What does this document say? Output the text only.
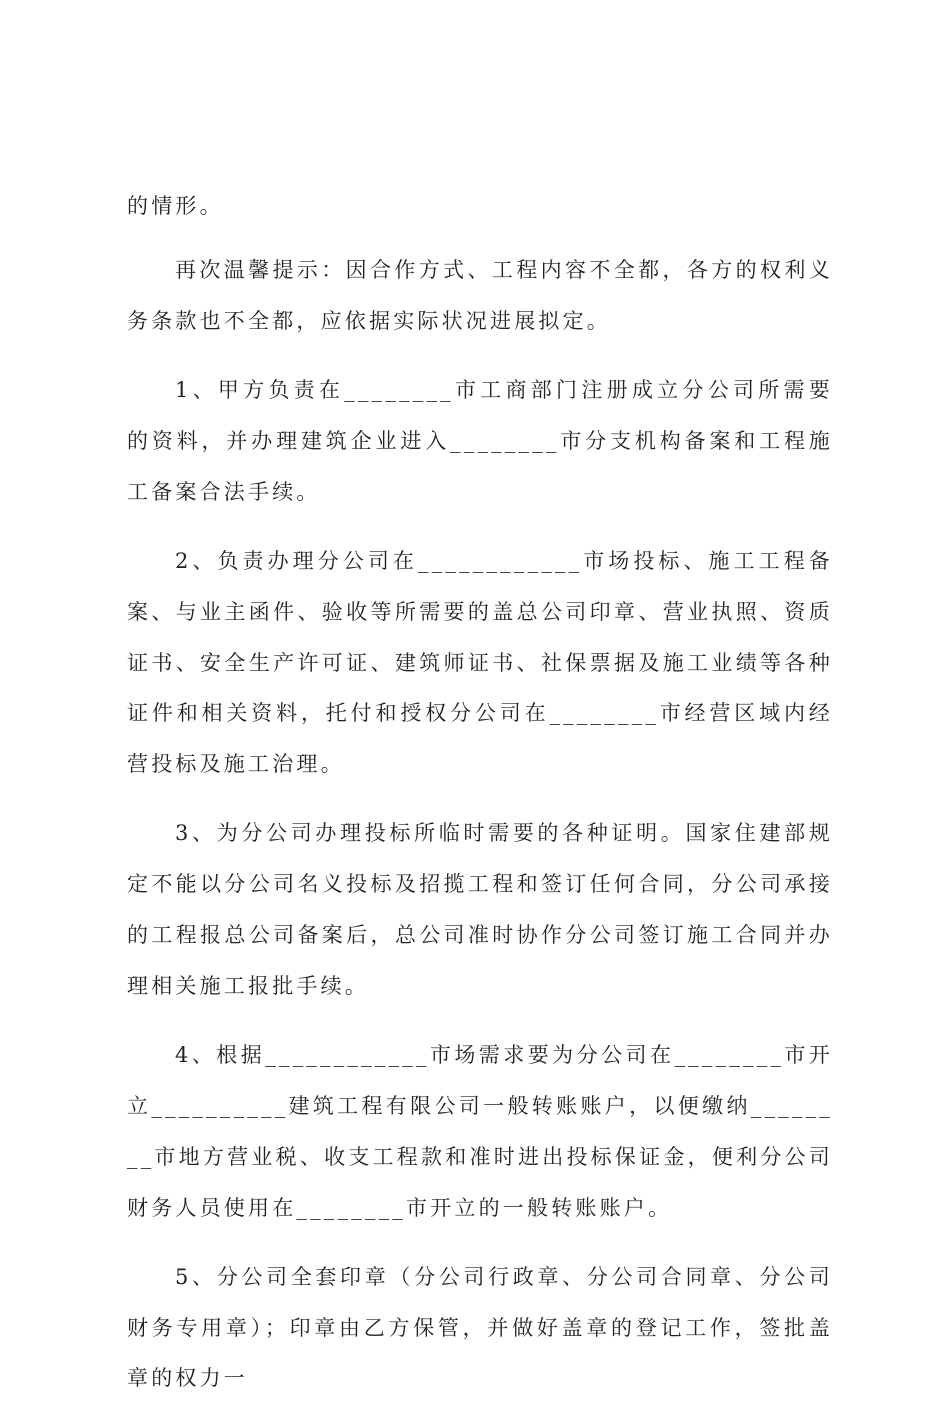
的情形。

再次温馨提示：因合作方式、工程内容不全都，各方的权利义务条款也不全都，应依据实际状况进展拟定。

1、甲方负责在________市工商部门注册成立分公司所需要的资料，并办理建筑企业进入________市分支机构备案和工程施工备案合法手续。

2、负责办理分公司在____________市场投标、施工工程备案、与业主函件、验收等所需要的盖总公司印章、营业执照、资质证书、安全生产许可证、建筑师证书、社保票据及施工业绩等各种证件和相关资料，托付和授权分公司在________市经营区域内经营投标及施工治理。

3、为分公司办理投标所临时需要的各种证明。国家住建部规定不能以分公司名义投标及招揽工程和签订任何合同，分公司承接的工程报总公司备案后，总公司准时协作分公司签订施工合同并办理相关施工报批手续。

4、根据____________市场需求要为分公司在________市开立__________建筑工程有限公司一般转账账户，以便缴纳________市地方营业税、收支工程款和准时进出投标保证金，便利分公司财务人员使用在________市开立的一般转账账户。

5、分公司全套印章（分公司行政章、分公司合同章、分公司财务专用章）；印章由乙方保管，并做好盖章的登记工作，签批盖章的权力一
